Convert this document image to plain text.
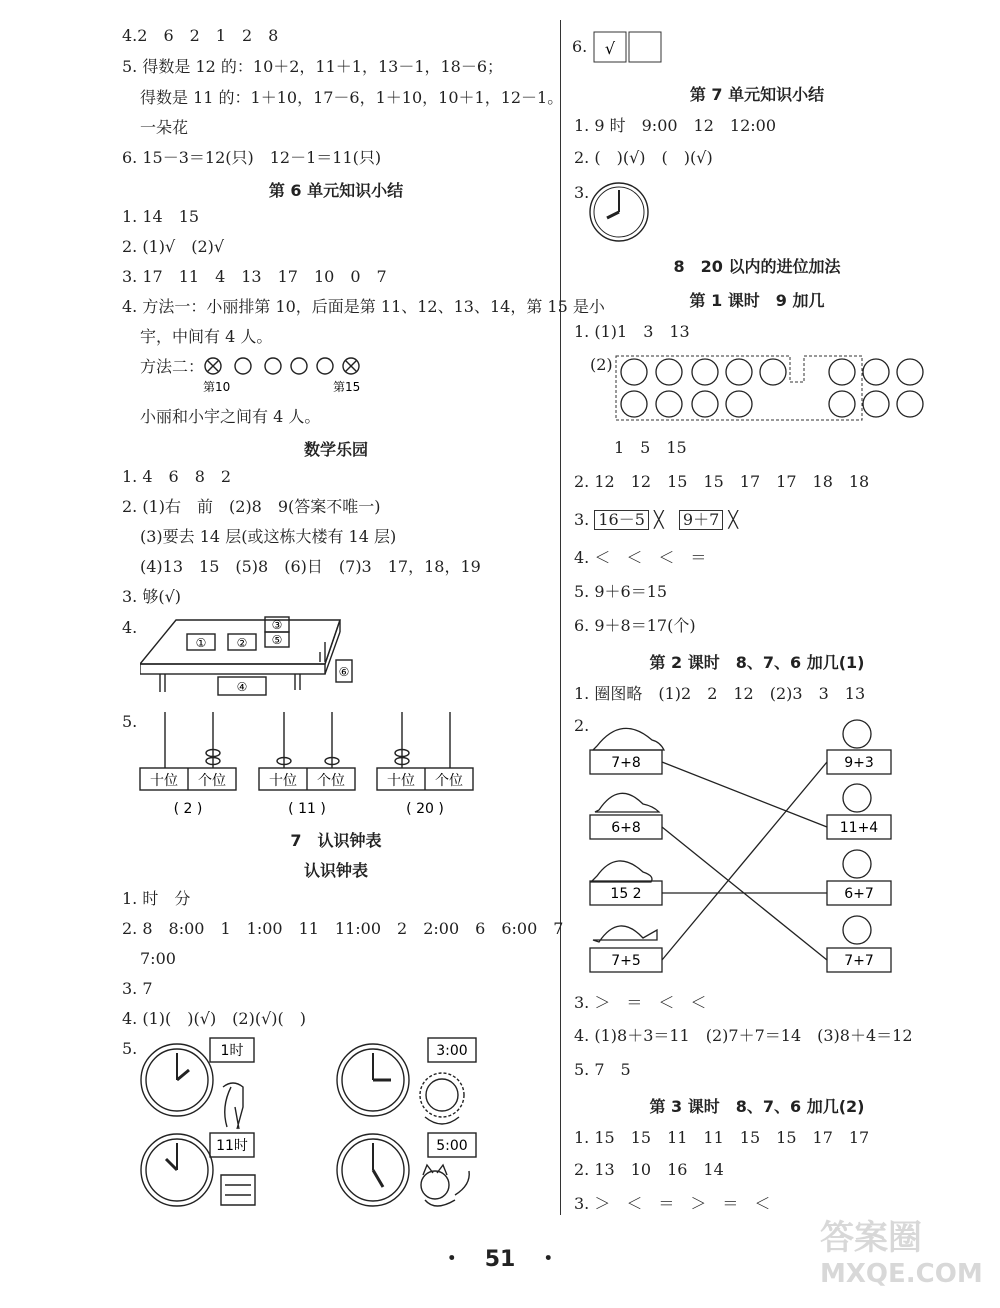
4.2　6　2　1　2　8
5. 得数是 12 的：10＋2，11＋1，13－1，18－6；
得数是 11 的：1＋10，17－6，1＋10，10＋1，12－1。
一朵花
6. 15－3＝12(只)　12－1＝11(只)
第 6 单元知识小结
1. 14　15
2. (1)√　(2)√
3. 17　11　4　13　17　10　0　7
4. 方法一：小丽排第 10，后面是第 11、12、13、14，第 15 是小
宇，中间有 4 人。
方法二：
第10	第15
小丽和小宇之间有 4 人。
数学乐园
1. 4　6　8　2
2. (1)右　前　(2)8　9(答案不唯一)
(3)要去 14 层(或这栋大楼有 14 层)
(4)13　15　(5)8　(6)日　(7)3　17，18，19
3. 够(√)
4.
①	②
③
⑤
④
⑥
5.
十位 个位
( 2 )
十位 个位
( 11 )
十位 个位
( 20 )
7　认识钟表
认识钟表
1. 时　分
2. 8　8:00　1　1:00　11　11:00　2　2:00　6　6:00　7
7:00
3. 7
4. (1)(　)(√)　(2)(√)(　)
5.	1时	3:00
11时	5:00
6. √
第 7 单元知识小结
1. 9 时　9:00　12　12:00
2. (　)(√)　(　)(√)
3.
8　20 以内的进位加法
第 1 课时　9 加几
1. (1)1　3　13
(2)
1　5　15
2. 12　12　15　15　17　17　18　18
3. 16－5 ╳ 9＋7 ╳
4. ＜　＜　＜　＝
5. 9＋6＝15
6. 9＋8＝17(个)
第 2 课时　8、7、6 加几(1)
1. 圈图略　(1)2　2　12　(2)3　3　13
2.
7+8
6+8
15 2
7+5
9+3
11+4
6+7
7+7
3. ＞　＝　＜　＜
4. (1)8＋3＝11　(2)7＋7＝14　(3)8＋4＝12
5. 7　5
第 3 课时　8、7、6 加几(2)
1. 15　15　11　11　15　15　17　17
2. 13　10　16　14
3. ＞　＜　＝　＞　＝　＜
・　51　・
答案圈
MXQE.COM
